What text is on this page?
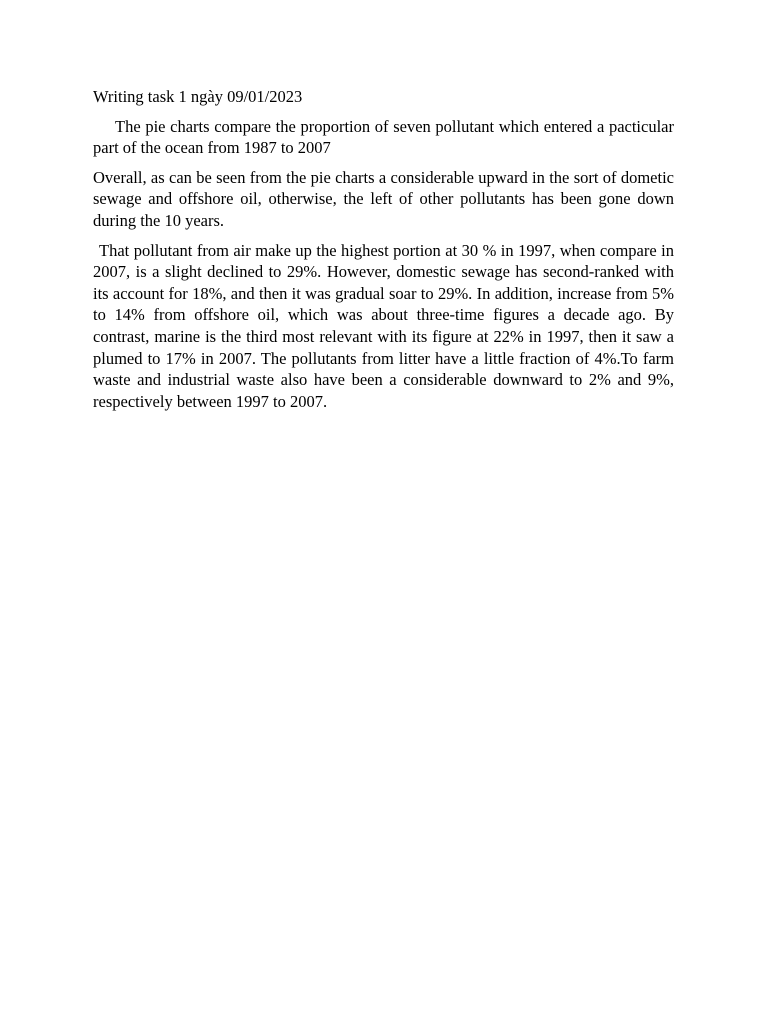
Writing task 1 ngày 09/01/2023

The pie charts compare the proportion of seven pollutant which entered a pacticular part of the ocean from 1987 to 2007

Overall, as can be seen from the pie charts a considerable upward in the sort of dometic sewage and offshore oil, otherwise, the left of other pollutants has been gone down during the 10 years.

That pollutant from air make up the highest portion at 30 % in 1997, when compare in 2007, is a slight declined to 29%. However, domestic sewage has second-ranked with its account for 18%, and then it was gradual soar to 29%. In addition, increase from 5% to 14% from offshore oil, which was about three-time figures a decade ago. By contrast, marine is the third most relevant with its figure at 22% in 1997, then it saw a plumed to 17% in 2007. The pollutants from litter have a little fraction of 4%.To farm waste and industrial waste also have been a considerable downward to 2% and 9%, respectively between 1997 to 2007.
